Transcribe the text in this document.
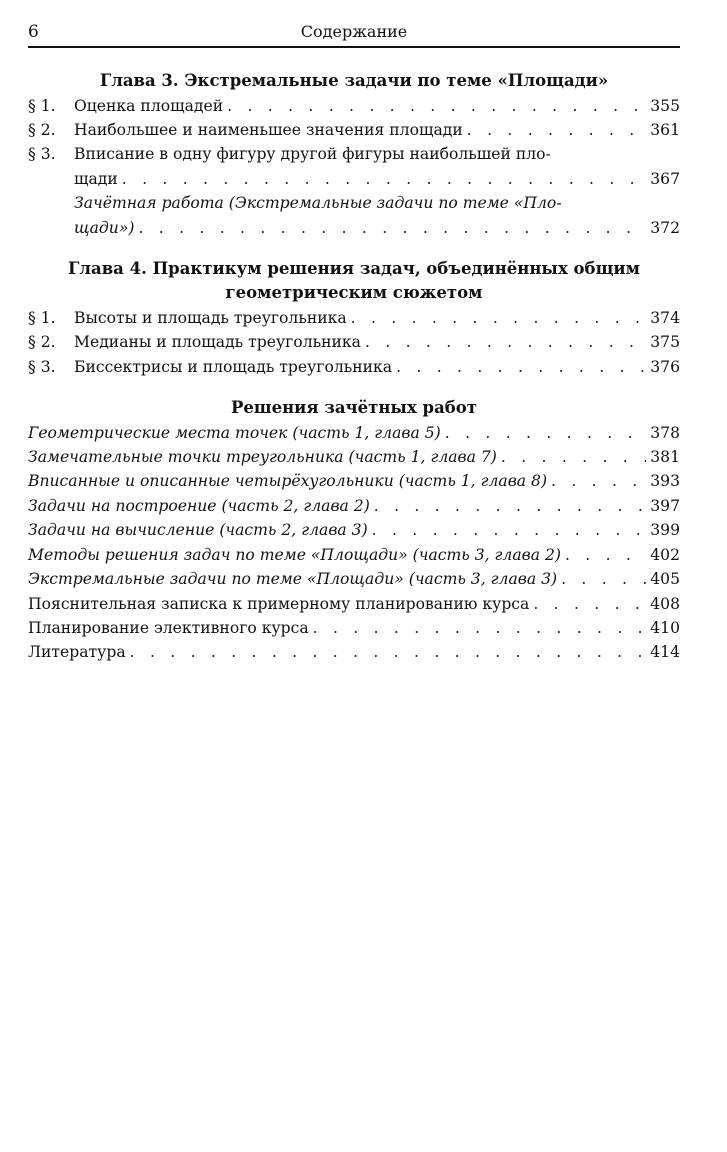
6	Содержание

Глава 3. Экстремальные задачи по теме «Площади»

§ 1.	Оценка площадей . . .	355
§ 2.	Наибольшее и наименьшее значения площади . . .	361
§ 3.	Вписание в одну фигуру другой фигуры наибольшей пло-
щади . . .	367
Зачётная работа (Экстремальные задачи по теме «Пло-
щади») . . .	372

Глава 4. Практикум решения задач, объединённых общим

геометрическим сюжетом

§ 1.	Высоты и площадь треугольника . . .	374
§ 2.	Медианы и площадь треугольника . . .	375
§ 3.	Биссектрисы и площадь треугольника . . .	376

Решения зачётных работ

Геометрические места точек (часть 1, глава 5) . . .	378
Замечательные точки треугольника (часть 1, глава 7) . . .	381
Вписанные и описанные четырёхугольники (часть 1, глава 8) . . .	393
Задачи на построение (часть 2, глава 2) . . .	397
Задачи на вычисление (часть 2, глава 3) . . .	399
Методы решения задач по теме «Площади» (часть 3, глава 2) . . .	402
Экстремальные задачи по теме «Площади» (часть 3, глава 3) . . .	405
Пояснительная записка к примерному планированию курса . . .	408
Планирование элективного курса . . .	410
Литература . . .	414
